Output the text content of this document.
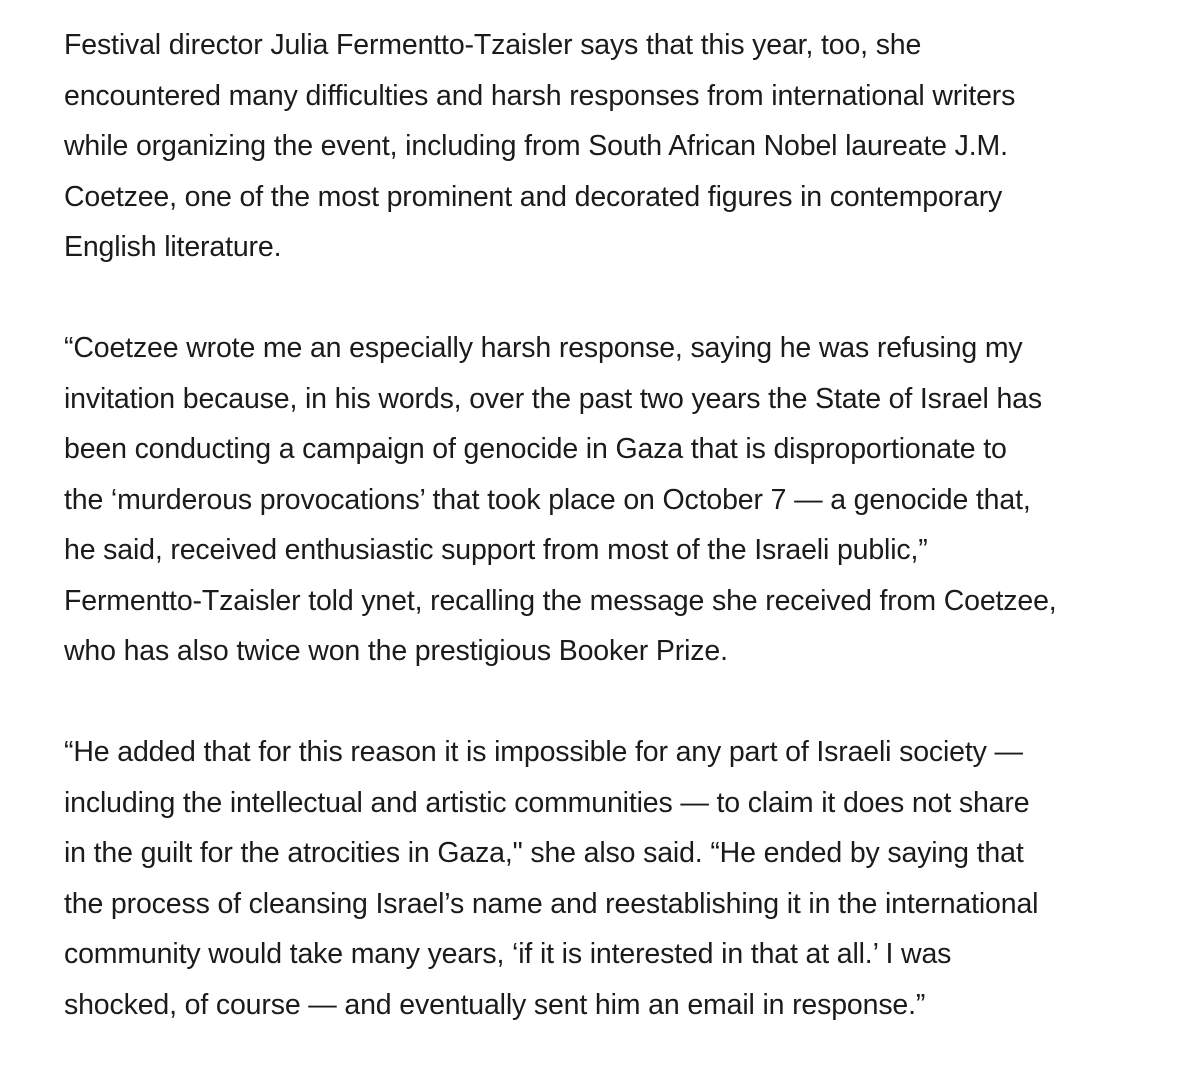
Festival director Julia Fermentto-Tzaisler says that this year, too, she
encountered many difficulties and harsh responses from international writers
while organizing the event, including from South African Nobel laureate J.M.
Coetzee, one of the most prominent and decorated figures in contemporary
English literature.

“Coetzee wrote me an especially harsh response, saying he was refusing my
invitation because, in his words, over the past two years the State of Israel has
been conducting a campaign of genocide in Gaza that is disproportionate to
the ‘murderous provocations’ that took place on October 7 — a genocide that,
he said, received enthusiastic support from most of the Israeli public,”
Fermentto-Tzaisler told ynet, recalling the message she received from Coetzee,
who has also twice won the prestigious Booker Prize.

“He added that for this reason it is impossible for any part of Israeli society —
including the intellectual and artistic communities — to claim it does not share
in the guilt for the atrocities in Gaza," she also said. “He ended by saying that
the process of cleansing Israel’s name and reestablishing it in the international
community would take many years, ‘if it is interested in that at all.’ I was
shocked, of course — and eventually sent him an email in response.”
